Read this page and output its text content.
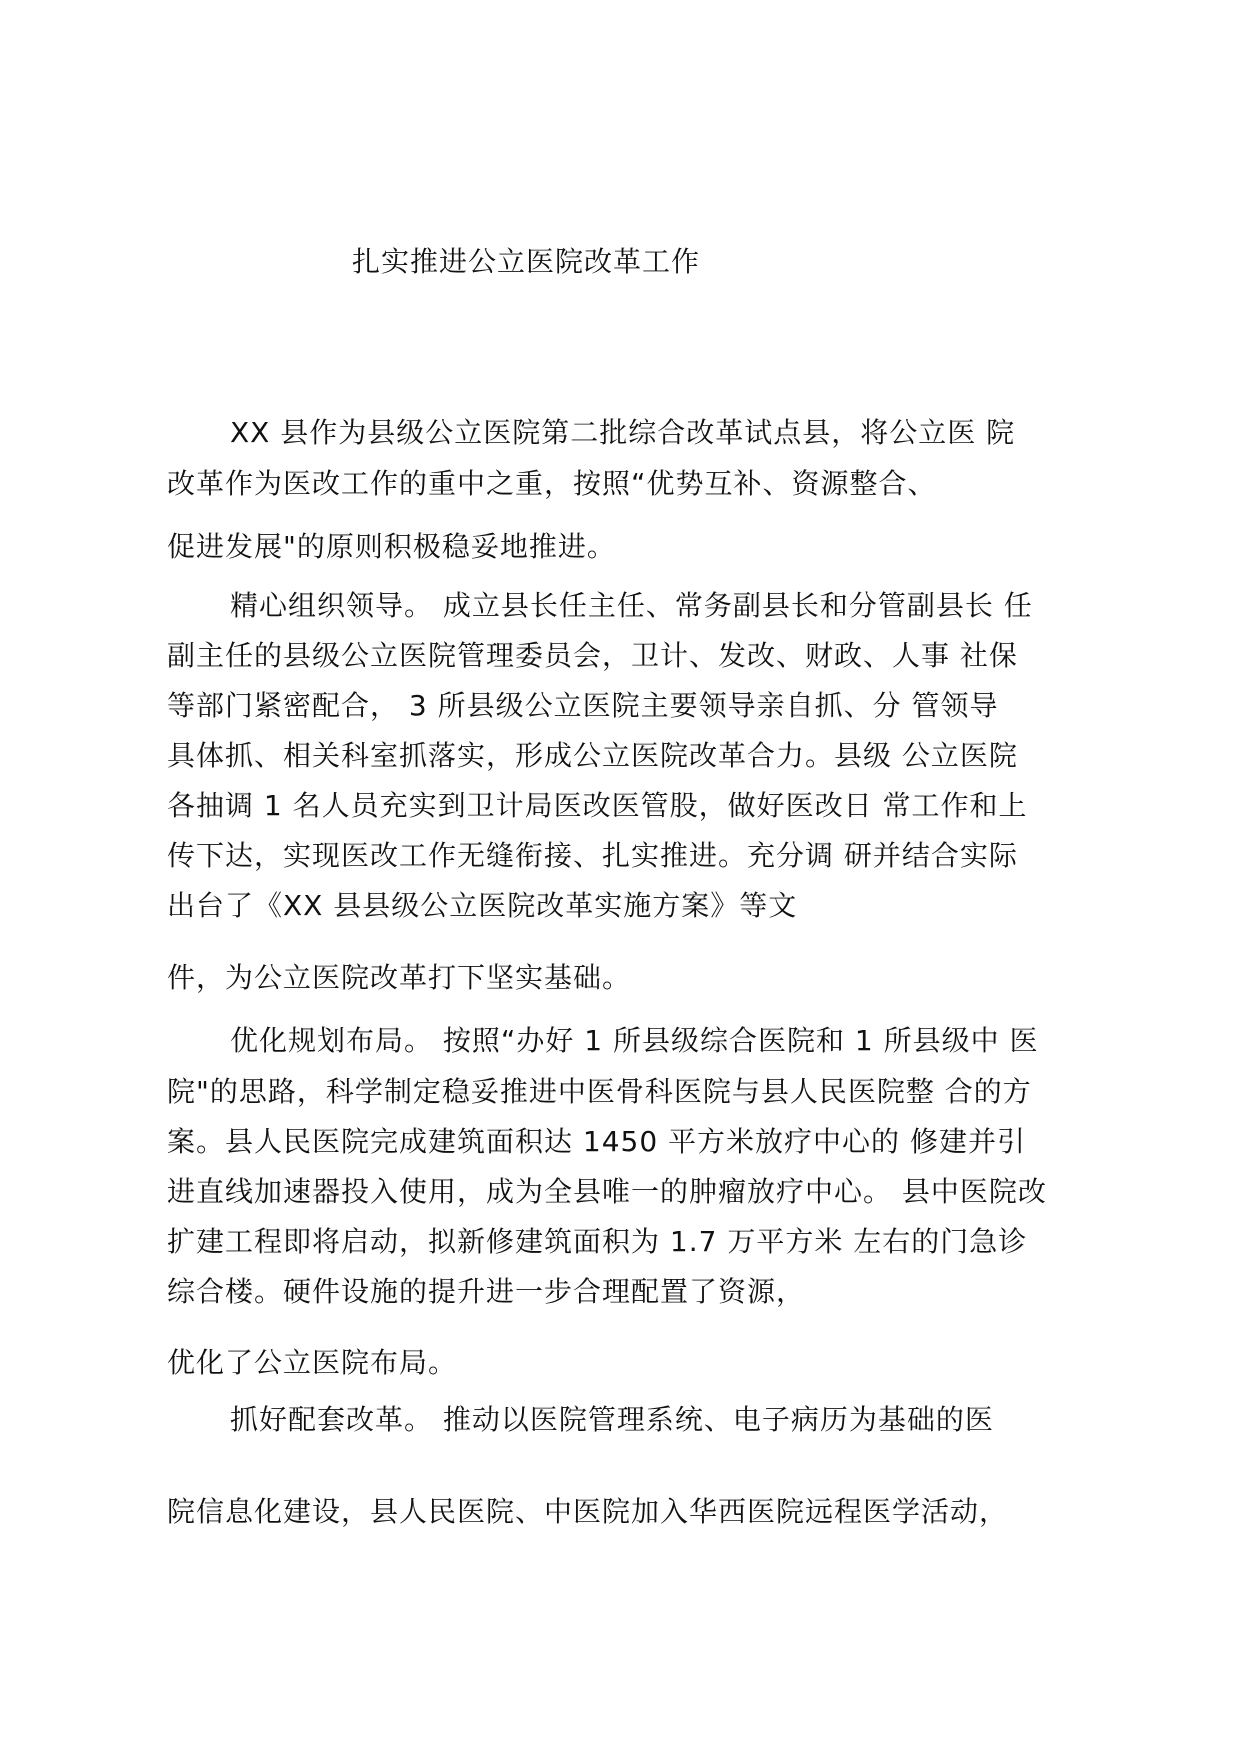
扎实推进公立医院改革工作
XX 县作为县级公立医院第二批综合改革试点县，将公立医 院
改革作为医改工作的重中之重，按照“优势互补、资源整合、
促进发展"的原则积极稳妥地推进。
精心组织领导。 成立县长任主任、常务副县长和分管副县长 任
副主任的县级公立医院管理委员会，卫计、发改、财政、人事 社保
等部门紧密配合， 3 所县级公立医院主要领导亲自抓、分 管领导
具体抓、相关科室抓落实，形成公立医院改革合力。县级 公立医院
各抽调 1 名人员充实到卫计局医改医管股，做好医改日 常工作和上
传下达，实现医改工作无缝衔接、扎实推进。充分调 研并结合实际
出台了《XX 县县级公立医院改革实施方案》等文
件，为公立医院改革打下坚实基础。
优化规划布局。 按照“办好 1 所县级综合医院和 1 所县级中 医
院"的思路，科学制定稳妥推进中医骨科医院与县人民医院整 合的方
案。县人民医院完成建筑面积达 1450 平方米放疗中心的 修建并引
进直线加速器投入使用，成为全县唯一的肿瘤放疗中心。 县中医院改
扩建工程即将启动，拟新修建筑面积为 1.7 万平方米 左右的门急诊
综合楼。硬件设施的提升进一步合理配置了资源，
优化了公立医院布局。
抓好配套改革。 推动以医院管理系统、电子病历为基础的医
院信息化建设，县人民医院、中医院加入华西医院远程医学活动，
